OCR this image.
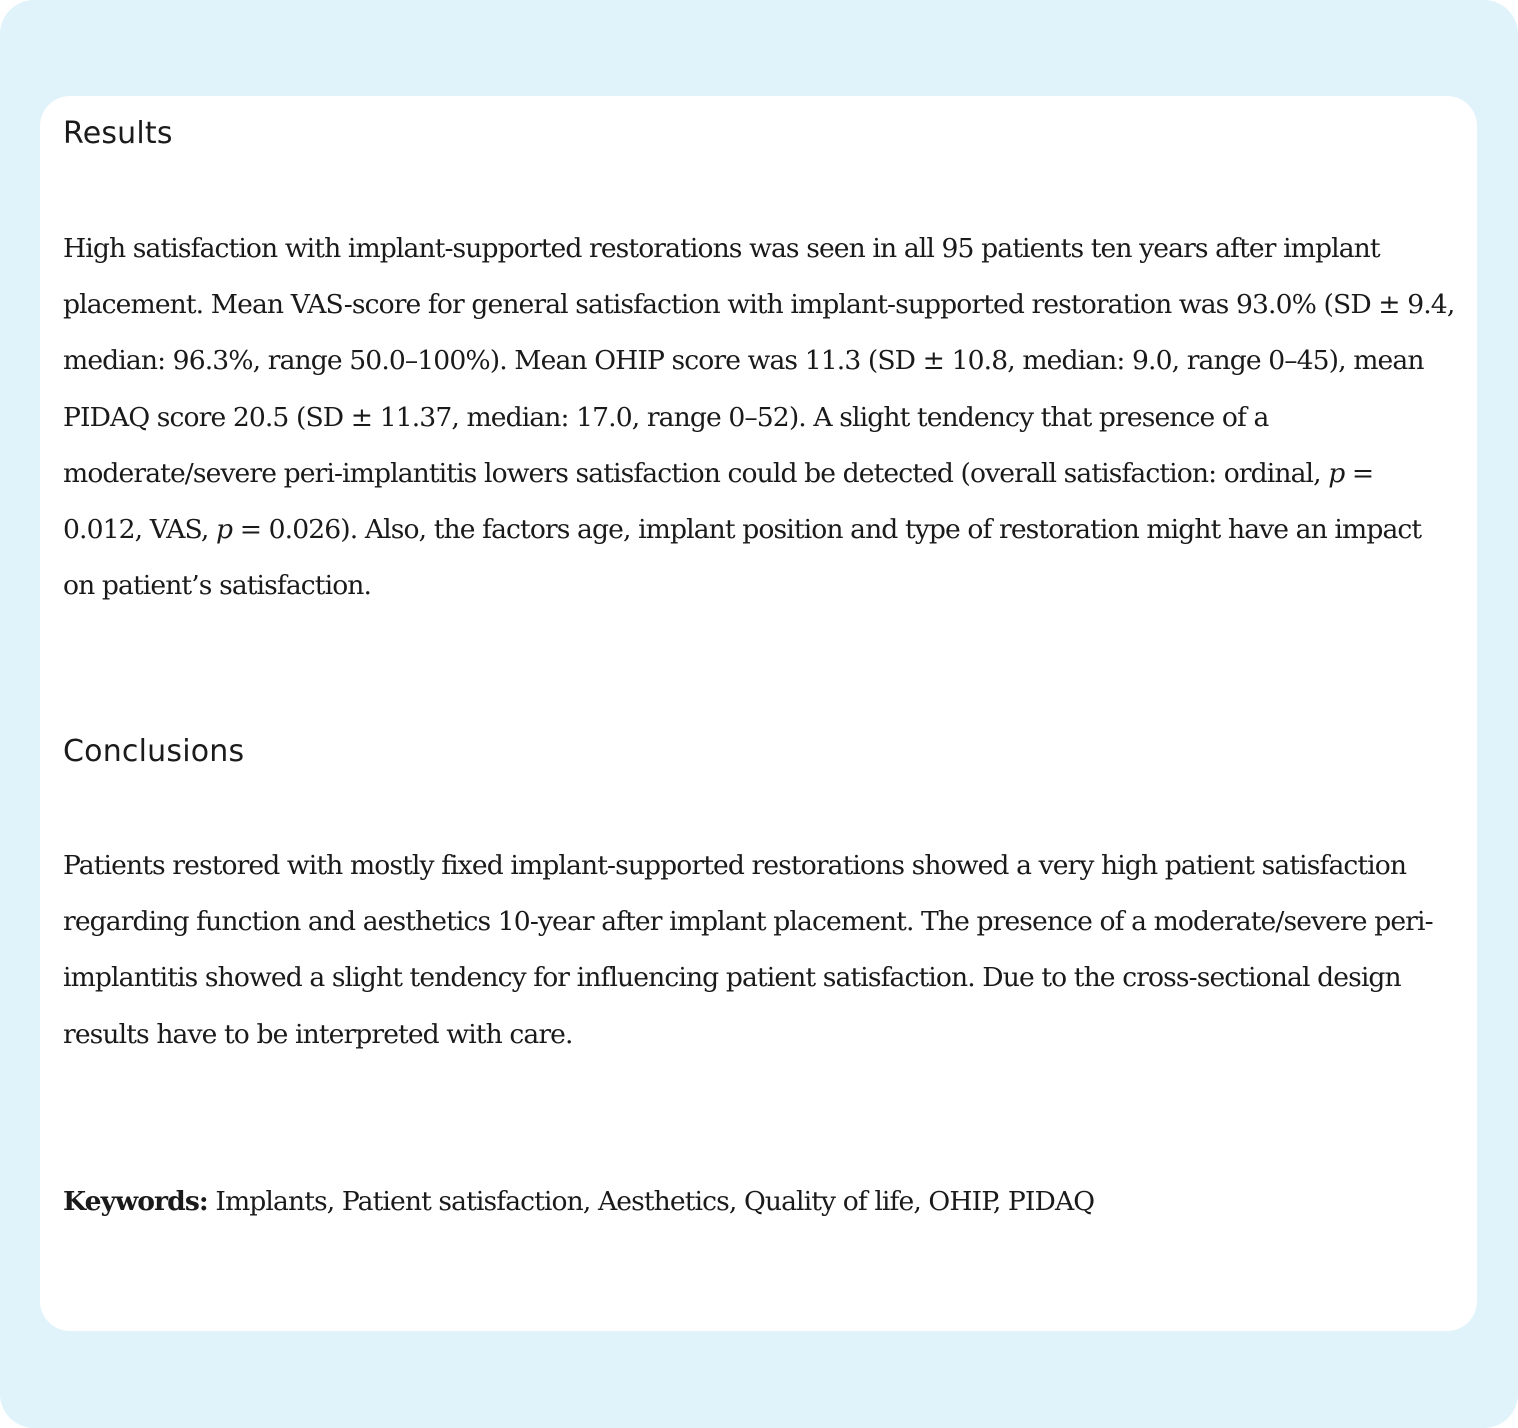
Results

High satisfaction with implant-supported restorations was seen in all 95 patients ten years after implant placement. Mean VAS-score for general satisfaction with implant-supported restoration was 93.0% (SD ± 9.4, median: 96.3%, range 50.0–100%). Mean OHIP score was 11.3 (SD ± 10.8, median: 9.0, range 0–45), mean PIDAQ score 20.5 (SD ± 11.37, median: 17.0, range 0–52). A slight tendency that presence of a moderate/severe peri-implantitis lowers satisfaction could be detected (overall satisfaction: ordinal, p = 0.012, VAS, p = 0.026). Also, the factors age, implant position and type of restoration might have an impact on patient’s satisfaction.

Conclusions

Patients restored with mostly fixed implant-supported restorations showed a very high patient satisfaction regarding function and aesthetics 10-year after implant placement. The presence of a moderate/severe peri-implantitis showed a slight tendency for influencing patient satisfaction. Due to the cross-sectional design results have to be interpreted with care.

Keywords: Implants, Patient satisfaction, Aesthetics, Quality of life, OHIP, PIDAQ
